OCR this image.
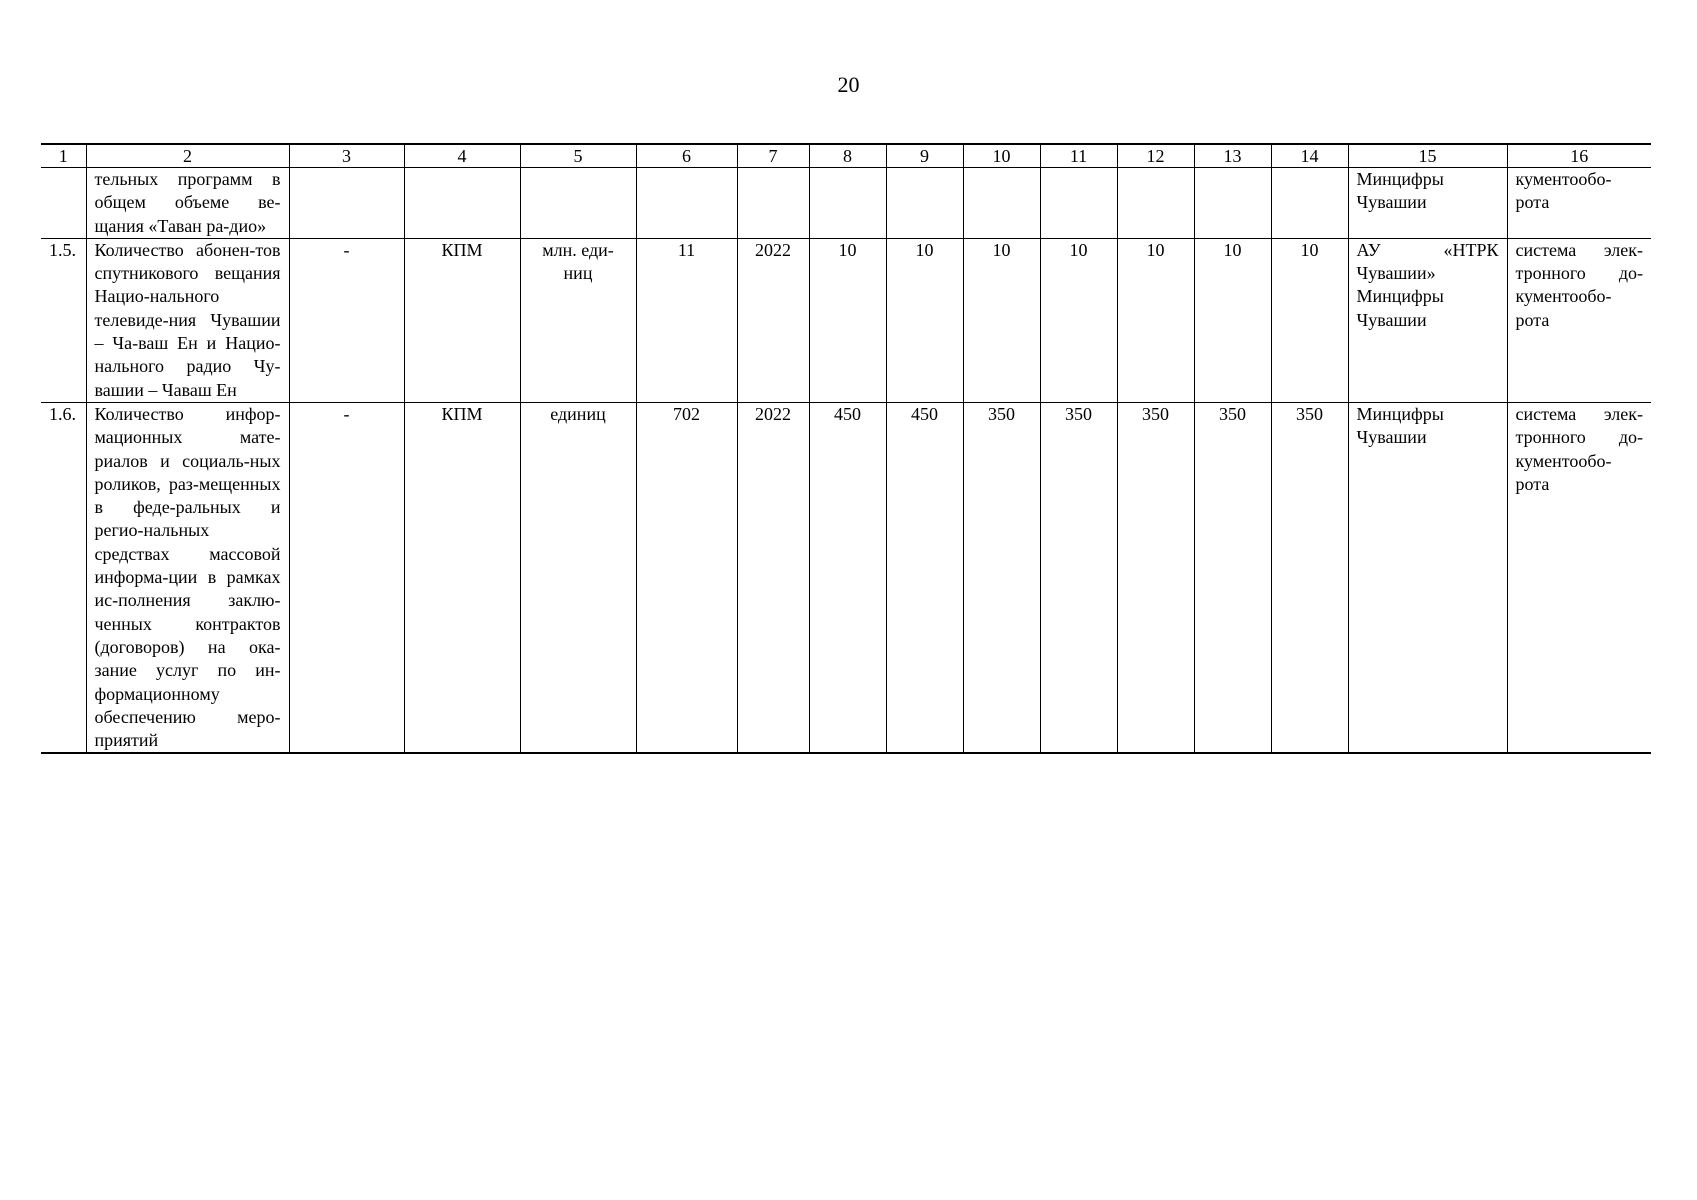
20
1	2	3	4	5	6	7	8	9	10	11	12	13	14	15	16
	тельных программ в общем объеме ве-щания «Таван ра-дио»													Минцифры Чувашии	кументообо-рота
1.5.	Количество абонен-тов спутникового вещания Нацио-нального телевиде-ния Чувашии – Ча-ваш Ен и Нацио-нального радио Чу-вашии – Чаваш Ен	-	КПМ	млн. еди-ниц	11	2022	10	10	10	10	10	10	10	АУ «НТРК Чувашии» Минцифры Чувашии	система элек-тронного до-кументообо-рота
1.6.	Количество инфор-мационных мате-риалов и социаль-ных роликов, раз-мещенных в феде-ральных и регио-нальных средствах массовой информа-ции в рамках ис-полнения заклю-ченных контрактов (договоров) на ока-зание услуг по ин-формационному обеспечению меро-приятий	-	КПМ	единиц	702	2022	450	450	350	350	350	350	350	Минцифры Чувашии	система элек-тронного до-кументообо-рота
